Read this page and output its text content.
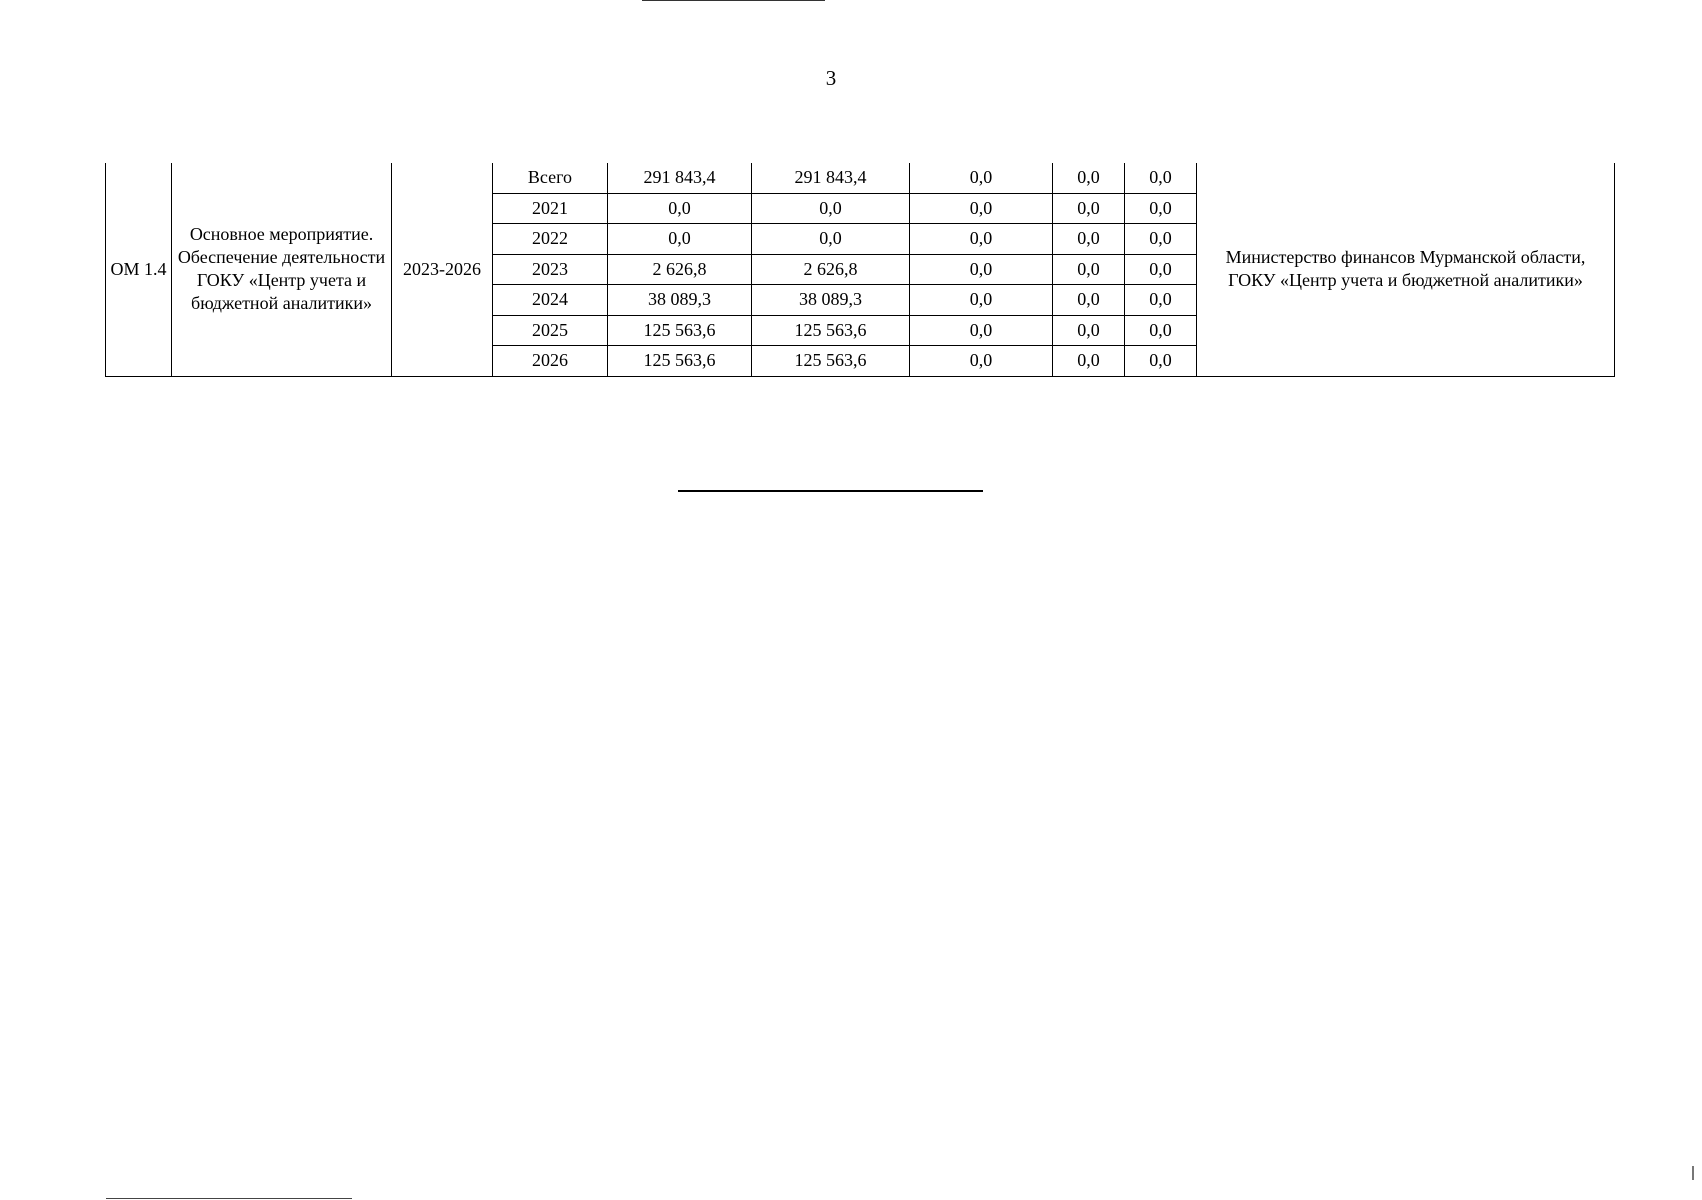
3
ОМ 1.4	Основное мероприятие. Обеспечение деятельности ГОКУ «Центр учета и бюджетной аналитики»	2023-2026	Всего	291 843,4	291 843,4	0,0	0,0	0,0	Министерство финансов Мурманской области, ГОКУ «Центр учета и бюджетной аналитики»
			2021	0,0	0,0	0,0	0,0	0,0	
			2022	0,0	0,0	0,0	0,0	0,0	
			2023	2 626,8	2 626,8	0,0	0,0	0,0	
			2024	38 089,3	38 089,3	0,0	0,0	0,0	
			2025	125 563,6	125 563,6	0,0	0,0	0,0	
			2026	125 563,6	125 563,6	0,0	0,0	0,0	
